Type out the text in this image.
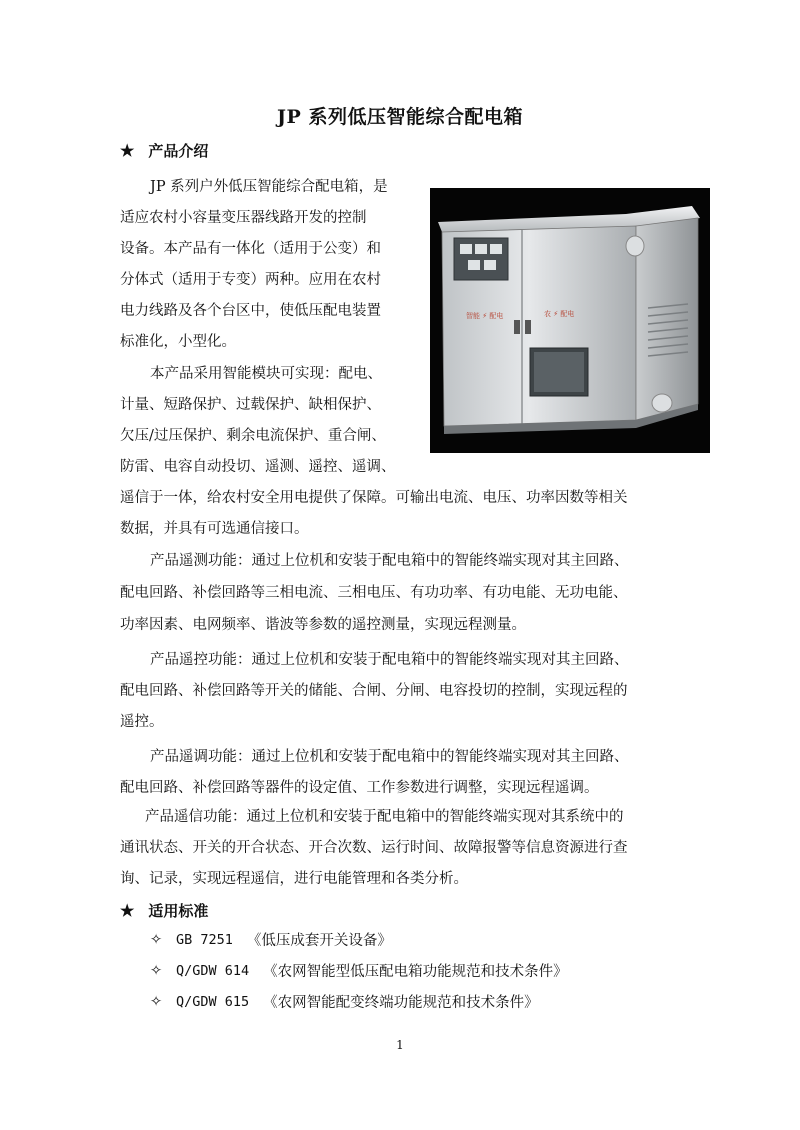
JP 系列低压智能综合配电箱
★ 产品介绍
JP 系列户外低压智能综合配电箱，是
适应农村小容量变压器线路开发的控制
设备。本产品有一体化（适用于公变）和
分体式（适用于专变）两种。应用在农村
电力线路及各个台区中，使低压配电装置
标准化，小型化。
本产品采用智能模块可实现：配电、
计量、短路保护、过载保护、缺相保护、
欠压/过压保护、剩余电流保护、重合闸、
防雷、电容自动投切、遥测、遥控、遥调、
遥信于一体，给农村安全用电提供了保障。可输出电流、电压、功率因数等相关
数据，并具有可选通信接口。
智能 ⚡ 配电	农 ⚡ 配电
产品遥测功能：通过上位机和安装于配电箱中的智能终端实现对其主回路、
配电回路、补偿回路等三相电流、三相电压、有功功率、有功电能、无功电能、
功率因素、电网频率、谐波等参数的遥控测量，实现远程测量。
产品遥控功能：通过上位机和安装于配电箱中的智能终端实现对其主回路、
配电回路、补偿回路等开关的储能、合闸、分闸、电容投切的控制，实现远程的
遥控。
产品遥调功能：通过上位机和安装于配电箱中的智能终端实现对其主回路、
配电回路、补偿回路等器件的设定值、工作参数进行调整，实现远程遥调。
产品遥信功能：通过上位机和安装于配电箱中的智能终端实现对其系统中的
通讯状态、开关的开合状态、开合次数、运行时间、故障报警等信息资源进行查
询、记录，实现远程遥信，进行电能管理和各类分析。
★ 适用标准
✧	GB 7251 《低压成套开关设备》
✧	Q/GDW 614 《农网智能型低压配电箱功能规范和技术条件》
✧	Q/GDW 615 《农网智能配变终端功能规范和技术条件》
1
